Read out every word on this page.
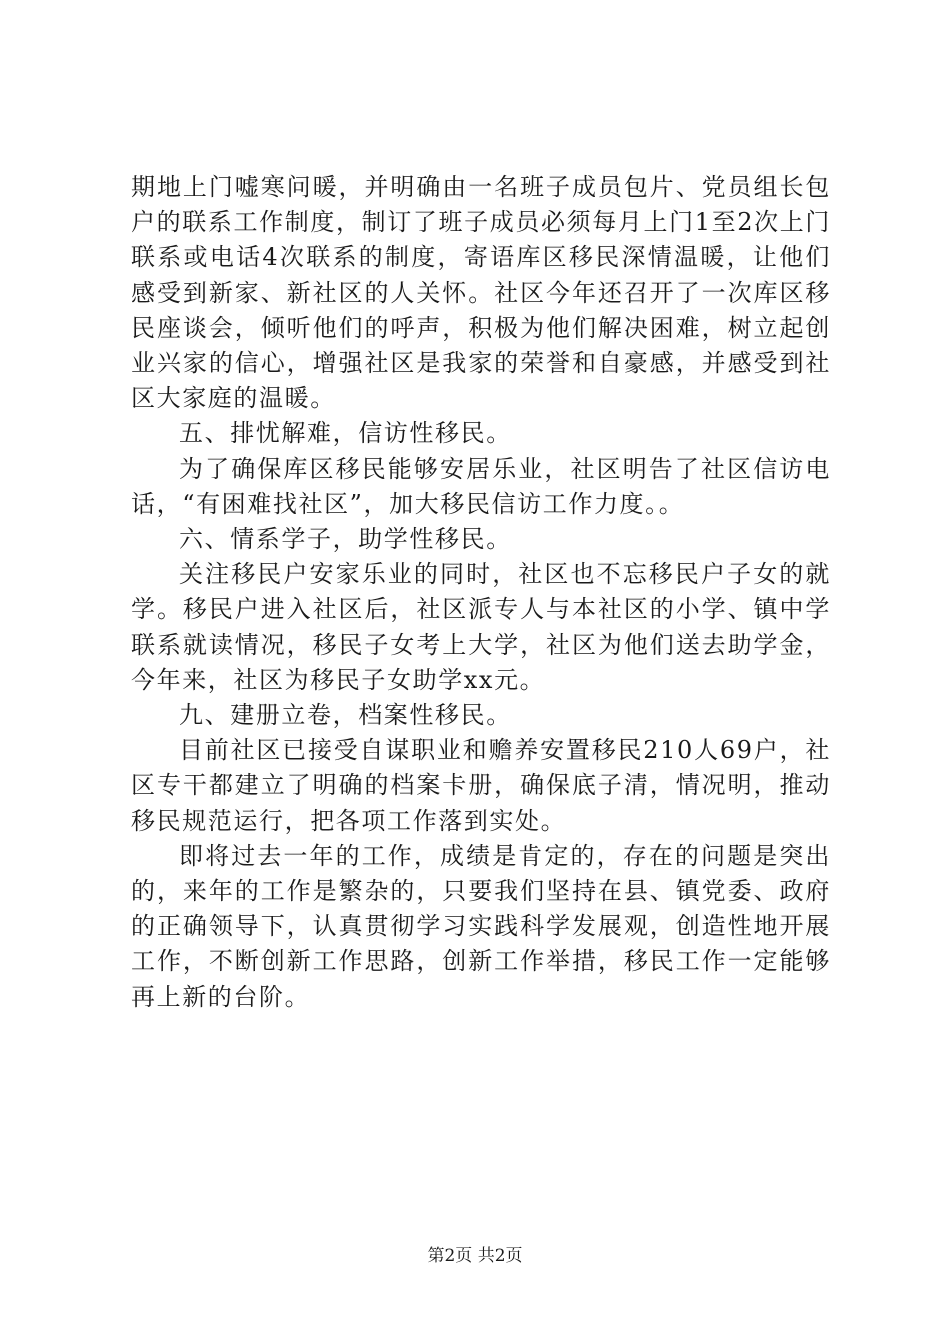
期地上门嘘寒问暖，并明确由一名班子成员包片、党员组长包户的联系工作制度，制订了班子成员必须每月上门1至2次上门联系或电话4次联系的制度，寄语库区移民深情温暖，让他们感受到新家、新社区的人关怀。社区今年还召开了一次库区移民座谈会，倾听他们的呼声，积极为他们解决困难，树立起创业兴家的信心，增强社区是我家的荣誉和自豪感，并感受到社区大家庭的温暖。

五、排忧解难，信访性移民。

为了确保库区移民能够安居乐业，社区明告了社区信访电话，“有困难找社区”，加大移民信访工作力度。。

六、情系学子，助学性移民。

关注移民户安家乐业的同时，社区也不忘移民户子女的就学。移民户进入社区后，社区派专人与本社区的小学、镇中学联系就读情况，移民子女考上大学，社区为他们送去助学金，今年来，社区为移民子女助学xx元。

九、建册立卷，档案性移民。

目前社区已接受自谋职业和赡养安置移民210人69户，社区专干都建立了明确的档案卡册，确保底子清，情况明，推动移民规范运行，把各项工作落到实处。

即将过去一年的工作，成绩是肯定的，存在的问题是突出的，来年的工作是繁杂的，只要我们坚持在县、镇党委、政府的正确领导下，认真贯彻学习实践科学发展观，创造性地开展工作，不断创新工作思路，创新工作举措，移民工作一定能够再上新的台阶。

第2页 共2页
